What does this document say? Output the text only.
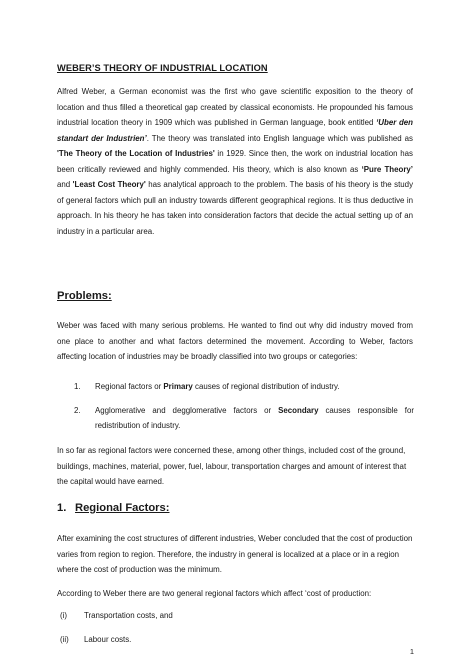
WEBER’S THEORY OF INDUSTRIAL LOCATION
Alfred Weber, a German economist was the first who gave scientific exposition to the theory of location and thus filled a theoretical gap created by classical economists. He propounded his famous industrial location theory in 1909 which was published in German language, book entitled ‘Uber den standart der Industrien’. The theory was translated into English language which was published as 'The Theory of the Location of Industries' in 1929. Since then, the work on industrial location has been critically reviewed and highly commended. His theory, which is also known as ‘Pure Theory’ and 'Least Cost Theory' has analytical approach to the problem. The basis of his theory is the study of general factors which pull an industry towards different geographical regions. It is thus deductive in approach. In his theory he has taken into consideration factors that decide the actual setting up of an industry in a particular area.
Problems:
Weber was faced with many serious problems. He wanted to find out why did industry moved from one place to another and what factors determined the movement. According to Weber, factors affecting location of industries may be broadly classified into two groups or categories:
1.	Regional factors or Primary causes of regional distribution of industry.
2.	Agglomerative and degglomerative factors or Secondary causes responsible for redistribution of industry.
In so far as regional factors were concerned these, among other things, included cost of the ground, buildings, machines, material, power, fuel, labour, transportation charges and amount of interest that the capital would have earned.
1. Regional Factors:
After examining the cost structures of different industries, Weber concluded that the cost of production varies from region to region. Therefore, the industry in general is localized at a place or in a region where the cost of production was the minimum.
According to Weber there are two general regional factors which affect ‘cost of production:
(i)	Transportation costs, and
(ii)	Labour costs.
1
